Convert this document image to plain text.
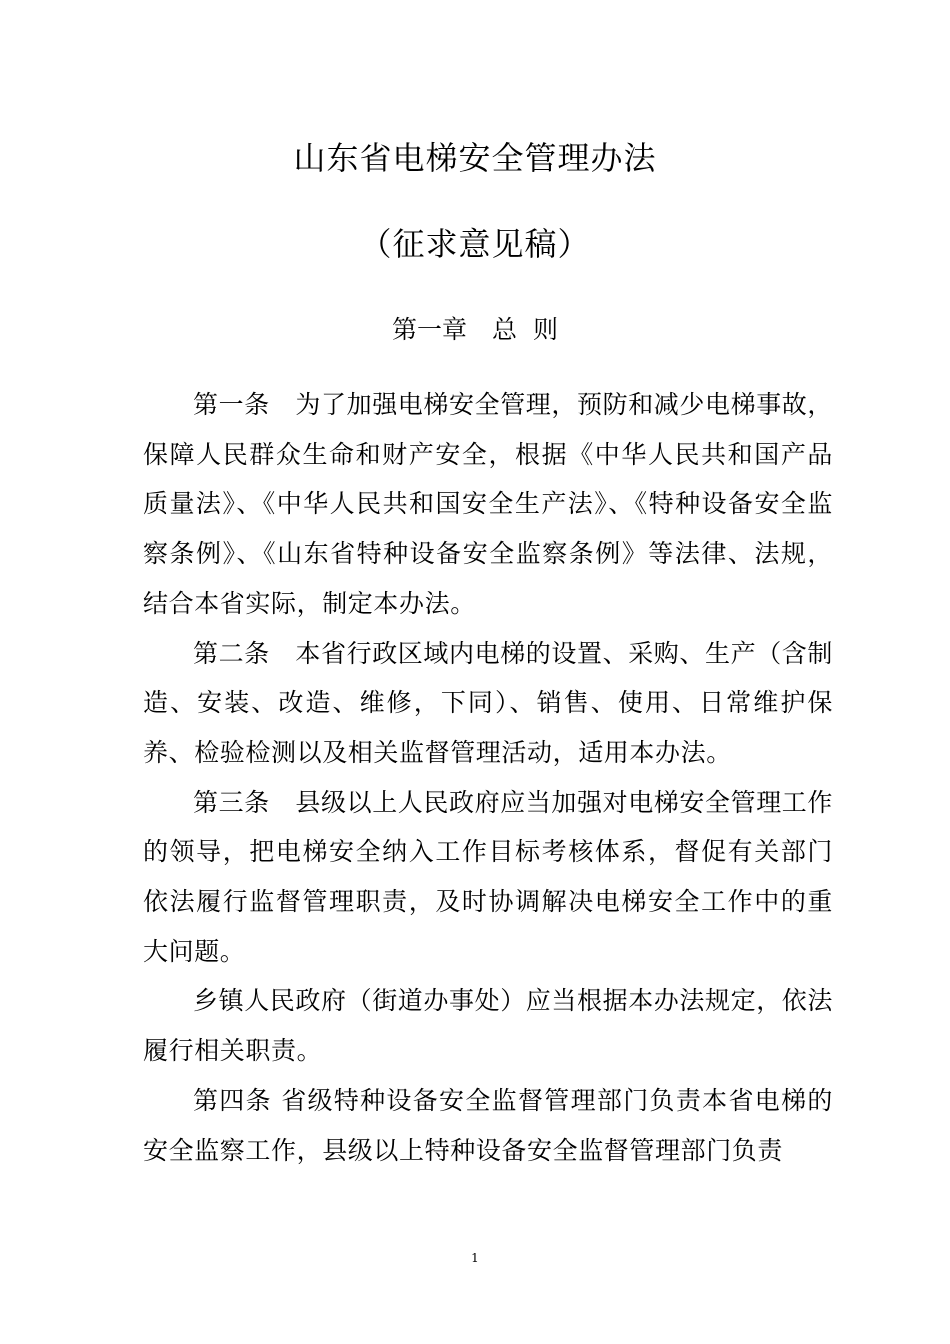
山东省电梯安全管理办法
（征求意见稿）
第一章　总  则

第一条　为了加强电梯安全管理，预防和减少电梯事故，保障人民群众生命和财产安全，根据《中华人民共和国产品质量法》、《中华人民共和国安全生产法》、《特种设备安全监察条例》、《山东省特种设备安全监察条例》等法律、法规，结合本省实际，制定本办法。

第二条　本省行政区域内电梯的设置、采购、生产（含制造、安装、改造、维修，下同）、销售、使用、日常维护保养、检验检测以及相关监督管理活动，适用本办法。

第三条　县级以上人民政府应当加强对电梯安全管理工作的领导，把电梯安全纳入工作目标考核体系，督促有关部门依法履行监督管理职责，及时协调解决电梯安全工作中的重大问题。

乡镇人民政府（街道办事处）应当根据本办法规定，依法履行相关职责。

第四条 省级特种设备安全监督管理部门负责本省电梯的安全监察工作，县级以上特种设备安全监督管理部门负责

1
